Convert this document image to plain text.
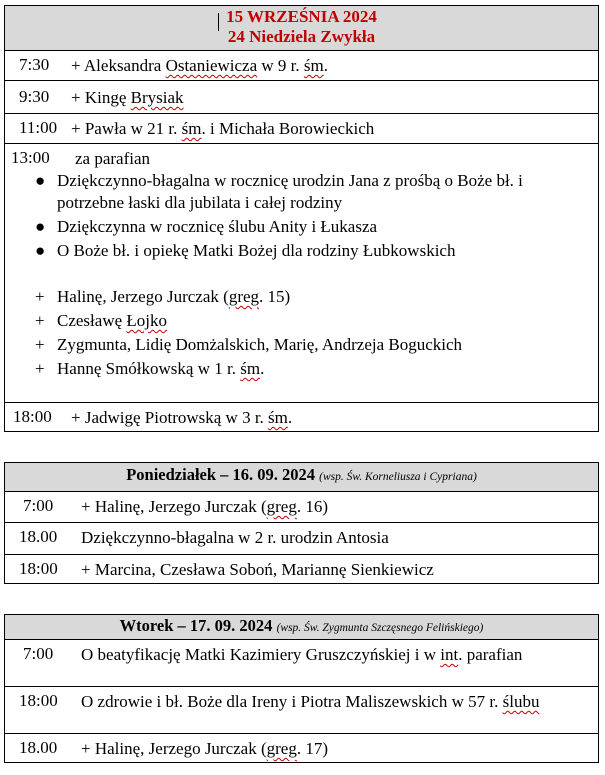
15 WRZEŚNIA 2024
24 Niedziela Zwykła
7:30 + Aleksandra Ostaniewicza w 9 r. śm.
9:30 + Kingę Brysiak
11:00 + Pawła w 21 r. śm. i Michała Borowieckich
13:00 za parafian
● Dziękczynno-błagalna w rocznicę urodzin Jana z prośbą o Boże bł. i potrzebne łaski dla jubilata i całej rodziny
● Dziękczynna w rocznicę ślubu Anity i Łukasza
● O Boże bł. i opiekę Matki Bożej dla rodziny Łubkowskich
+ Halinę, Jerzego Jurczak (greg. 15)
+ Czesławę Łojko
+ Zygmunta, Lidię Domżalskich, Marię, Andrzeja Boguckich
+ Hannę Smółkowską w 1 r. śm.
18:00 + Jadwigę Piotrowską w 3 r. śm.
Poniedziałek – 16. 09. 2024 (wsp. Św. Korneliusza i Cypriana)
7:00 + Halinę, Jerzego Jurczak (greg. 16)
18.00 Dziękczynno-błagalna w 2 r. urodzin Antosia
18:00 + Marcina, Czesława Soboń, Mariannę Sienkiewicz
Wtorek – 17. 09. 2024 (wsp. Św. Zygmunta Szczęsnego Felińskiego)
7:00 O beatyfikację Matki Kazimiery Gruszczyńskiej i w int. parafian
18:00 O zdrowie i bł. Boże dla Ireny i Piotra Maliszewskich w 57 r. ślubu
18.00 + Halinę, Jerzego Jurczak (greg. 17)
